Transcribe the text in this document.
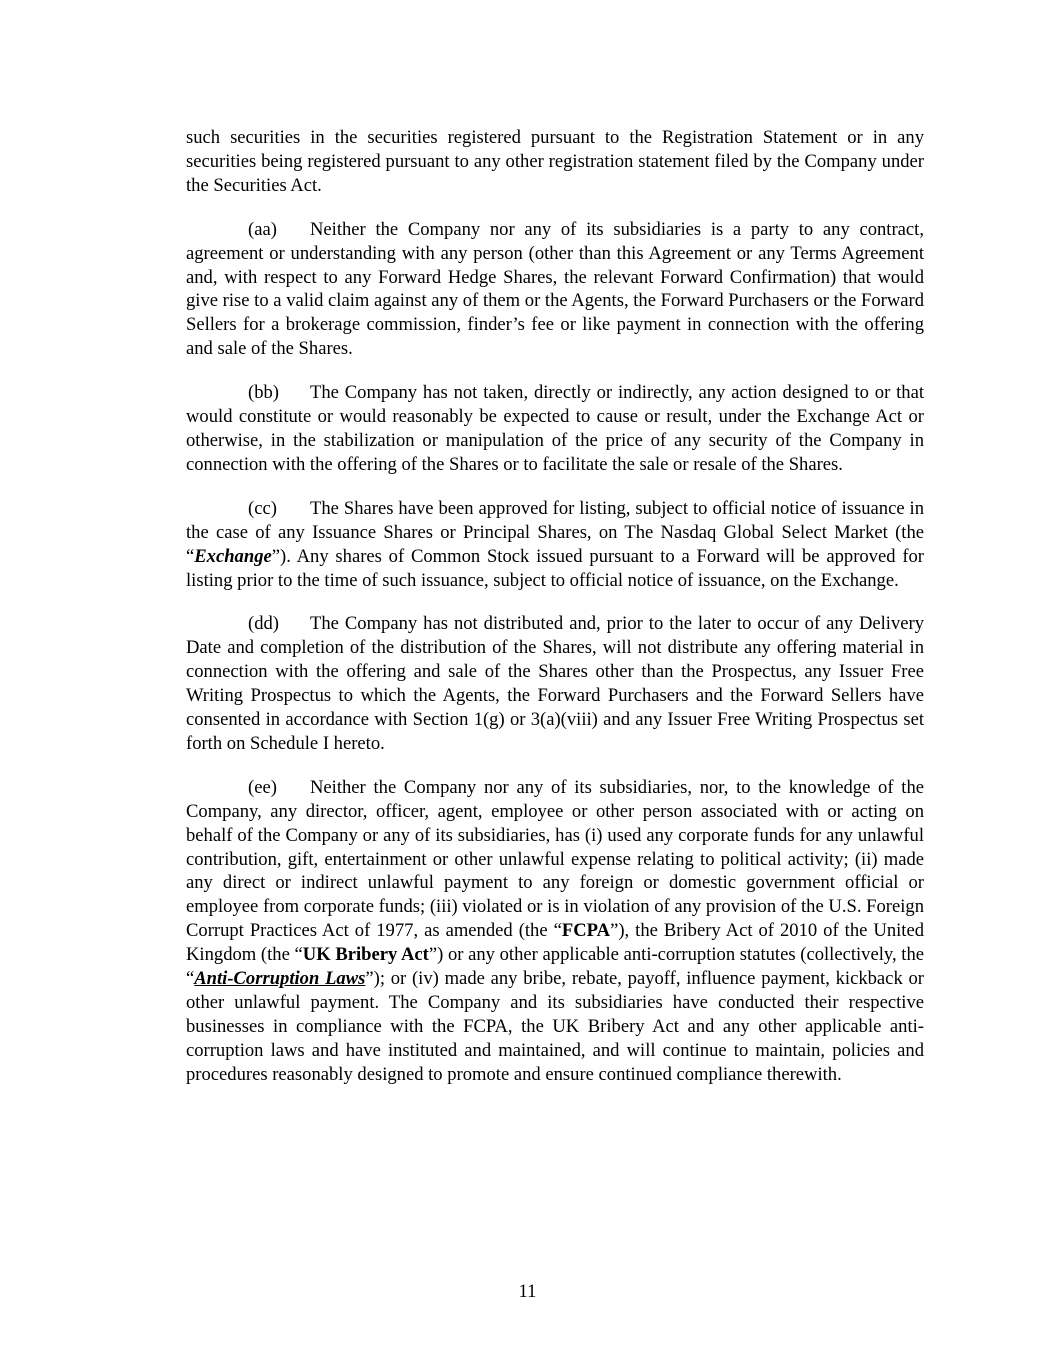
such securities in the securities registered pursuant to the Registration Statement or in any securities being registered pursuant to any other registration statement filed by the Company under the Securities Act.

(aa) Neither the Company nor any of its subsidiaries is a party to any contract, agreement or understanding with any person (other than this Agreement or any Terms Agreement and, with respect to any Forward Hedge Shares, the relevant Forward Confirmation) that would give rise to a valid claim against any of them or the Agents, the Forward Purchasers or the Forward Sellers for a brokerage commission, finder’s fee or like payment in connection with the offering and sale of the Shares.

(bb) The Company has not taken, directly or indirectly, any action designed to or that would constitute or would reasonably be expected to cause or result, under the Exchange Act or otherwise, in the stabilization or manipulation of the price of any security of the Company in connection with the offering of the Shares or to facilitate the sale or resale of the Shares.

(cc) The Shares have been approved for listing, subject to official notice of issuance in the case of any Issuance Shares or Principal Shares, on The Nasdaq Global Select Market (the “Exchange”). Any shares of Common Stock issued pursuant to a Forward will be approved for listing prior to the time of such issuance, subject to official notice of issuance, on the Exchange.

(dd) The Company has not distributed and, prior to the later to occur of any Delivery Date and completion of the distribution of the Shares, will not distribute any offering material in connection with the offering and sale of the Shares other than the Prospectus, any Issuer Free Writing Prospectus to which the Agents, the Forward Purchasers and the Forward Sellers have consented in accordance with Section 1(g) or 3(a)(viii) and any Issuer Free Writing Prospectus set forth on Schedule I hereto.

(ee) Neither the Company nor any of its subsidiaries, nor, to the knowledge of the Company, any director, officer, agent, employee or other person associated with or acting on behalf of the Company or any of its subsidiaries, has (i) used any corporate funds for any unlawful contribution, gift, entertainment or other unlawful expense relating to political activity; (ii) made any direct or indirect unlawful payment to any foreign or domestic government official or employee from corporate funds; (iii) violated or is in violation of any provision of the U.S. Foreign Corrupt Practices Act of 1977, as amended (the “FCPA”), the Bribery Act of 2010 of the United Kingdom (the “UK Bribery Act”) or any other applicable anti-corruption statutes (collectively, the “Anti-Corruption Laws”); or (iv) made any bribe, rebate, payoff, influence payment, kickback or other unlawful payment. The Company and its subsidiaries have conducted their respective businesses in compliance with the FCPA, the UK Bribery Act and any other applicable anti-corruption laws and have instituted and maintained, and will continue to maintain, policies and procedures reasonably designed to promote and ensure continued compliance therewith.

11
